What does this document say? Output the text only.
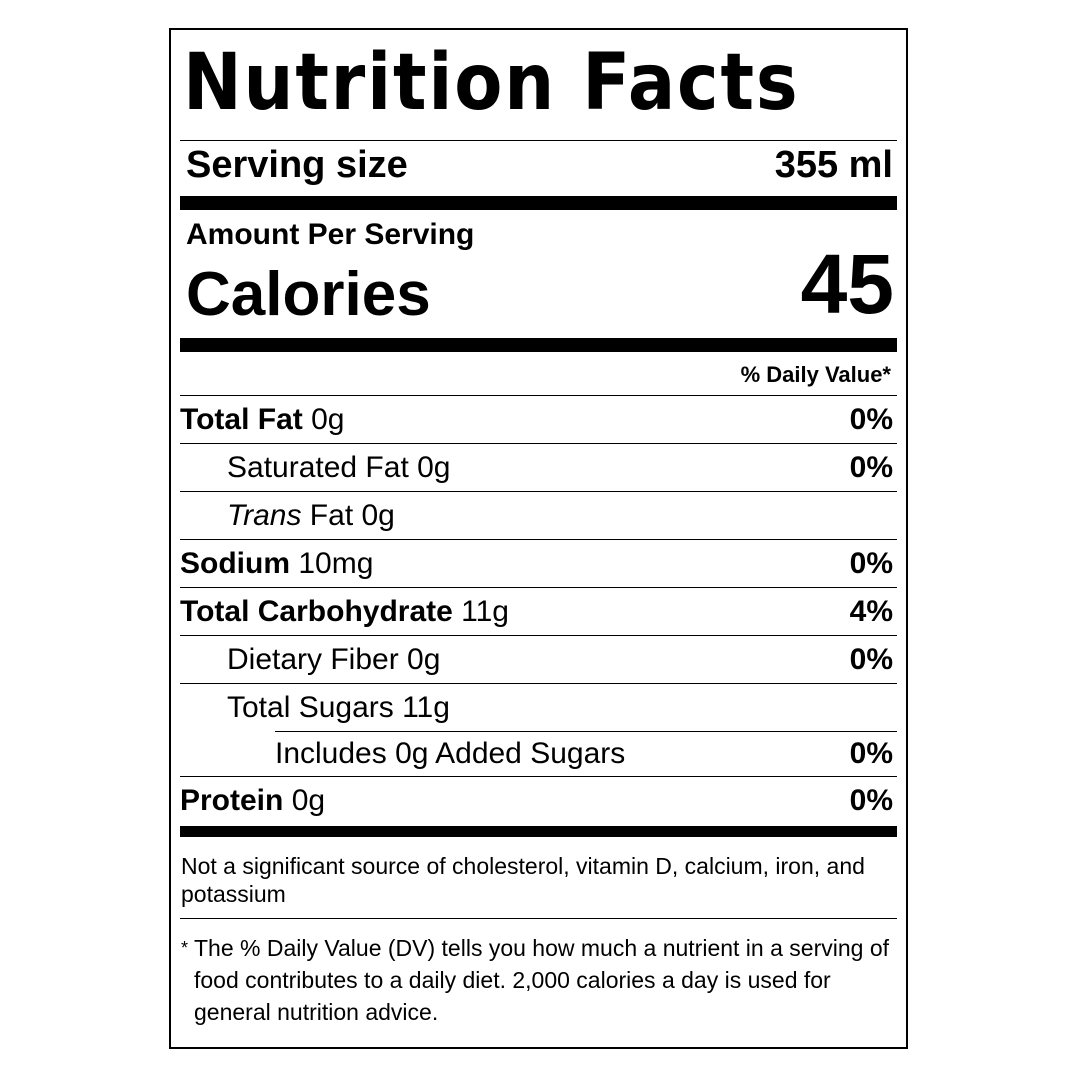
Nutrition Facts
Serving size	355 ml
Amount Per Serving
Calories	45
% Daily Value*
Total Fat 0g	0%
Saturated Fat 0g	0%
Trans Fat 0g
Sodium 10mg	0%
Total Carbohydrate 11g	4%
Dietary Fiber 0g	0%
Total Sugars 11g
Includes 0g Added Sugars	0%
Protein 0g	0%
Not a significant source of cholesterol, vitamin D, calcium, iron, and potassium
* The % Daily Value (DV) tells you how much a nutrient in a serving of food contributes to a daily diet. 2,000 calories a day is used for general nutrition advice.
